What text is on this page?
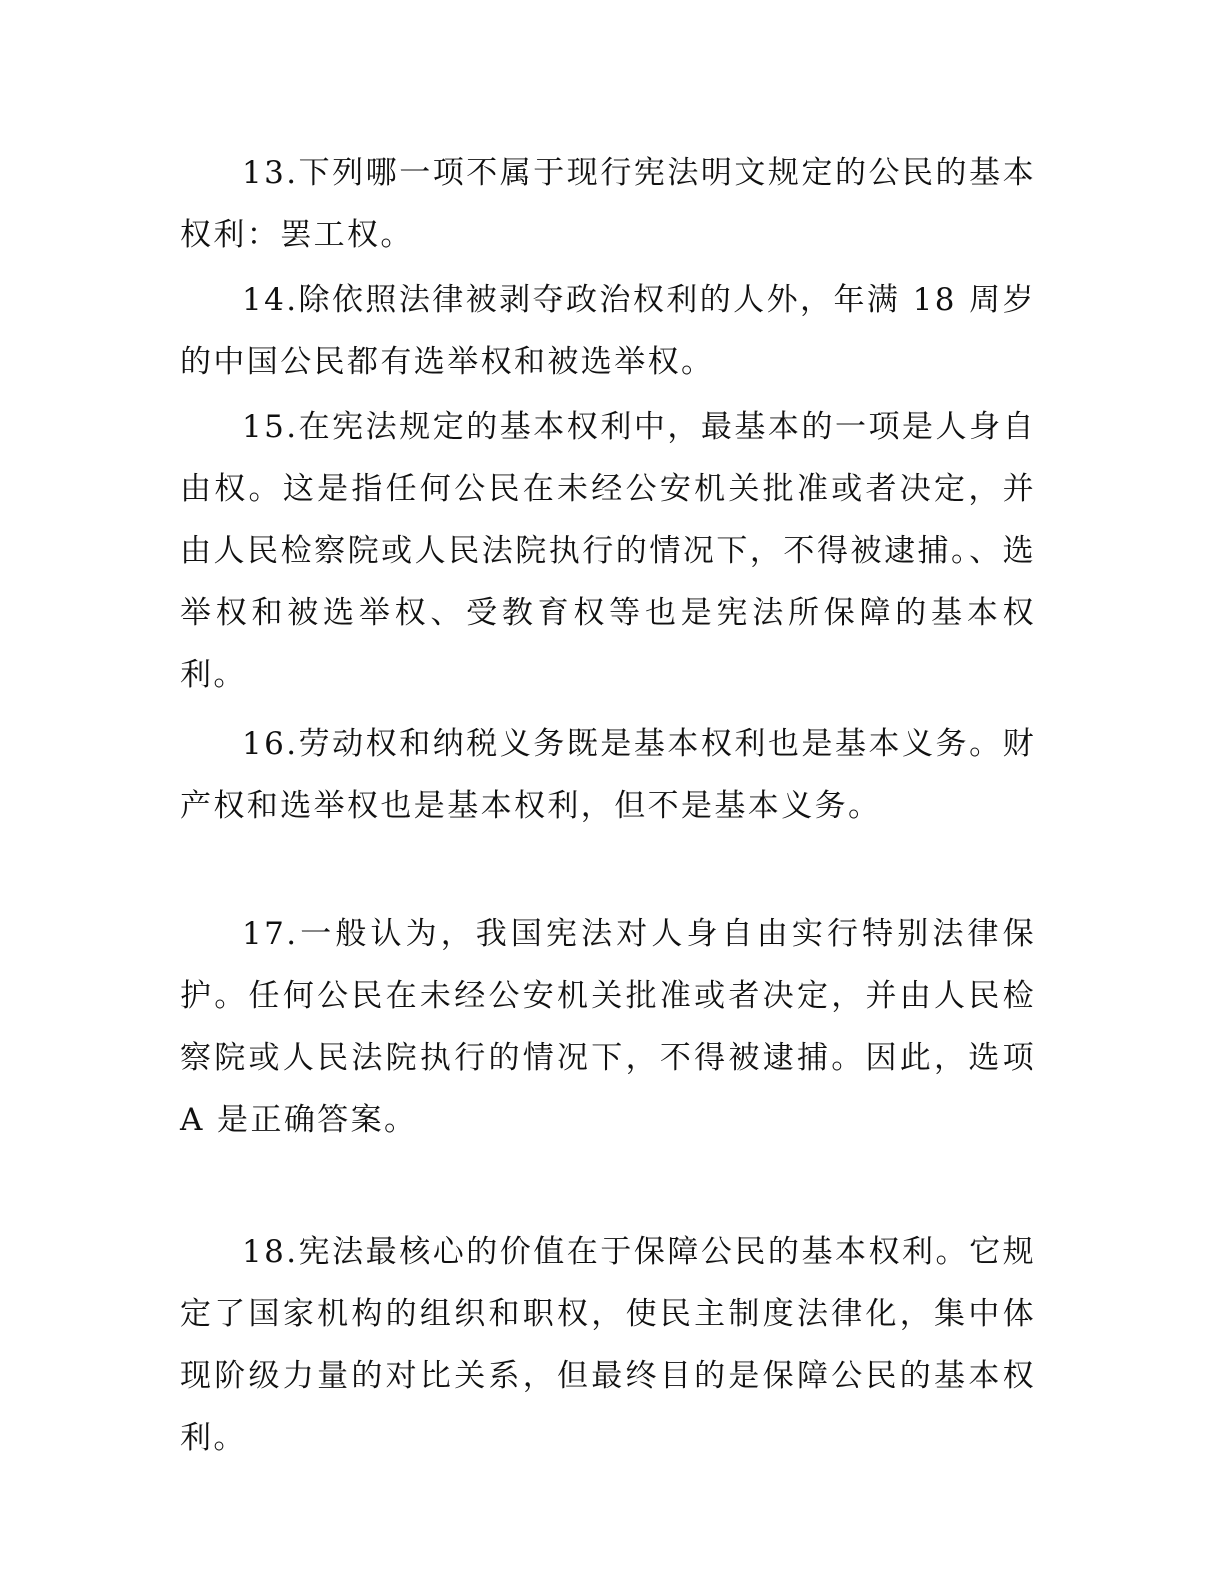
13.下列哪一项不属于现行宪法明文规定的公民的基本权利：罢工权。

14.除依照法律被剥夺政治权利的人外，年满 18 周岁的中国公民都有选举权和被选举权。

15.在宪法规定的基本权利中，最基本的一项是人身自由权。这是指任何公民在未经公安机关批准或者决定，并由人民检察院或人民法院执行的情况下，不得被逮捕。、选举权和被选举权、受教育权等也是宪法所保障的基本权利。

16.劳动权和纳税义务既是基本权利也是基本义务。财产权和选举权也是基本权利，但不是基本义务。

17.一般认为，我国宪法对人身自由实行特别法律保护。任何公民在未经公安机关批准或者决定，并由人民检察院或人民法院执行的情况下，不得被逮捕。因此，选项 A 是正确答案。

18.宪法最核心的价值在于保障公民的基本权利。它规定了国家机构的组织和职权，使民主制度法律化，集中体现阶级力量的对比关系，但最终目的是保障公民的基本权利。
